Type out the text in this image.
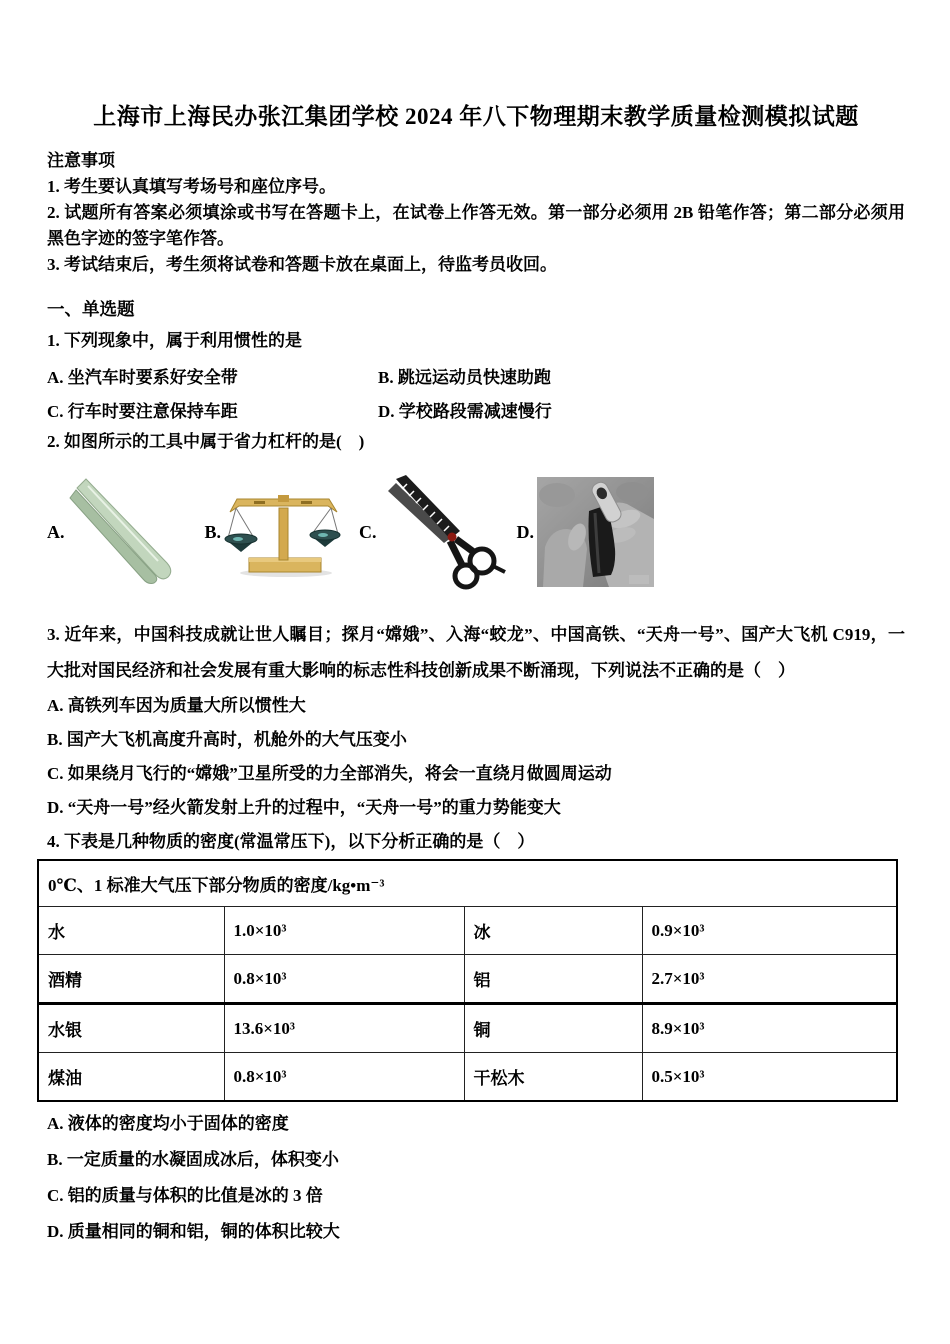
上海市上海民办张江集团学校 2024 年八下物理期末教学质量检测模拟试题
注意事项

1. 考生要认真填写考场号和座位序号。

2. 试题所有答案必须填涂或书写在答题卡上，在试卷上作答无效。第一部分必须用 2B 铅笔作答；第二部分必须用黑色字迹的签字笔作答。

3. 考试结束后，考生须将试卷和答题卡放在桌面上，待监考员收回。

一、单选题

1. 下列现象中，属于利用惯性的是

A. 坐汽车时要系好安全带	B. 跳远运动员快速助跑
C. 行车时要注意保持车距	D. 学校路段需减速慢行

2. 如图所示的工具中属于省力杠杆的是(　)

A.	B.	C.	D.

3. 近年来，中国科技成就让世人瞩目；探月“嫦娥”、入海“蛟龙”、中国高铁、“天舟一号”、国产大飞机 C919，一大批对国民经济和社会发展有重大影响的标志性科技创新成果不断涌现，下列说法不正确的是（　）

A. 高铁列车因为质量大所以惯性大
B. 国产大飞机高度升高时，机舱外的大气压变小
C. 如果绕月飞行的“嫦娥”卫星所受的力全部消失，将会一直绕月做圆周运动
D. “天舟一号”经火箭发射上升的过程中，“天舟一号”的重力势能变大

4. 下表是几种物质的密度(常温常压下)，以下分析正确的是（　）

0℃、1 标准大气压下部分物质的密度/kg•m⁻³			
水	1.0×10³	冰	0.9×10³
酒精	0.8×10³	铝	2.7×10³
水银	13.6×10³	铜	8.9×10³
煤油	0.8×10³	干松木	0.5×10³
A. 液体的密度均小于固体的密度
B. 一定质量的水凝固成冰后，体积变小
C. 铝的质量与体积的比值是冰的 3 倍
D. 质量相同的铜和铝，铜的体积比较大
